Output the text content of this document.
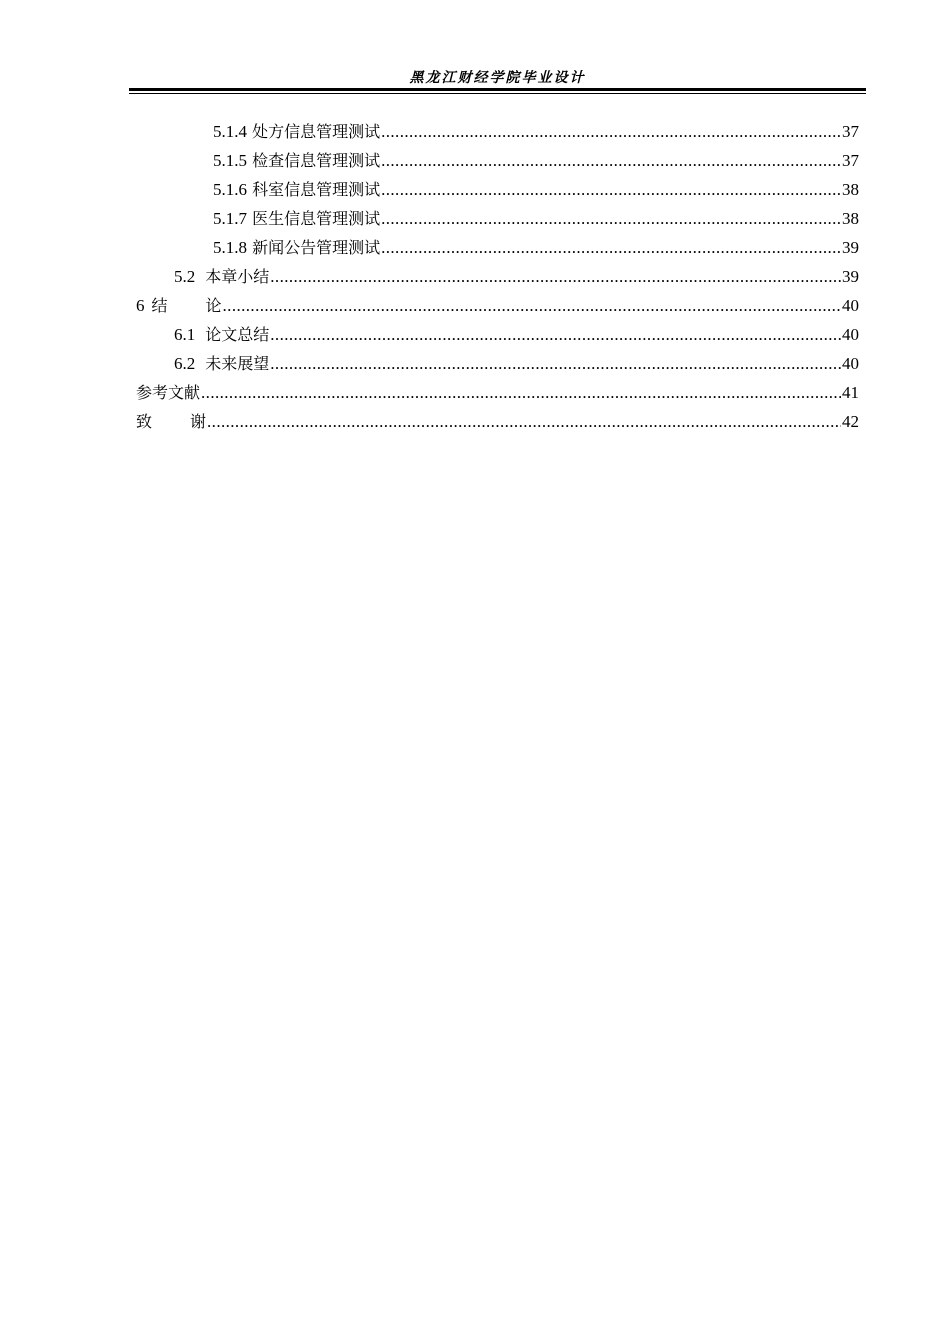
黑龙江财经学院毕业设计
5.1.4 处方信息管理测试 .....	37
5.1.5 检查信息管理测试 .....	37
5.1.6 科室信息管理测试 .....	38
5.1.7 医生信息管理测试 .....	38
5.1.8 新闻公告管理测试 .....	39
5.2 本章小结 .....	39
6 结 论 .....	40
6.1 论文总结 .....	40
6.2 未来展望 .....	40
参考文献 .....	41
致 谢 .....	42
